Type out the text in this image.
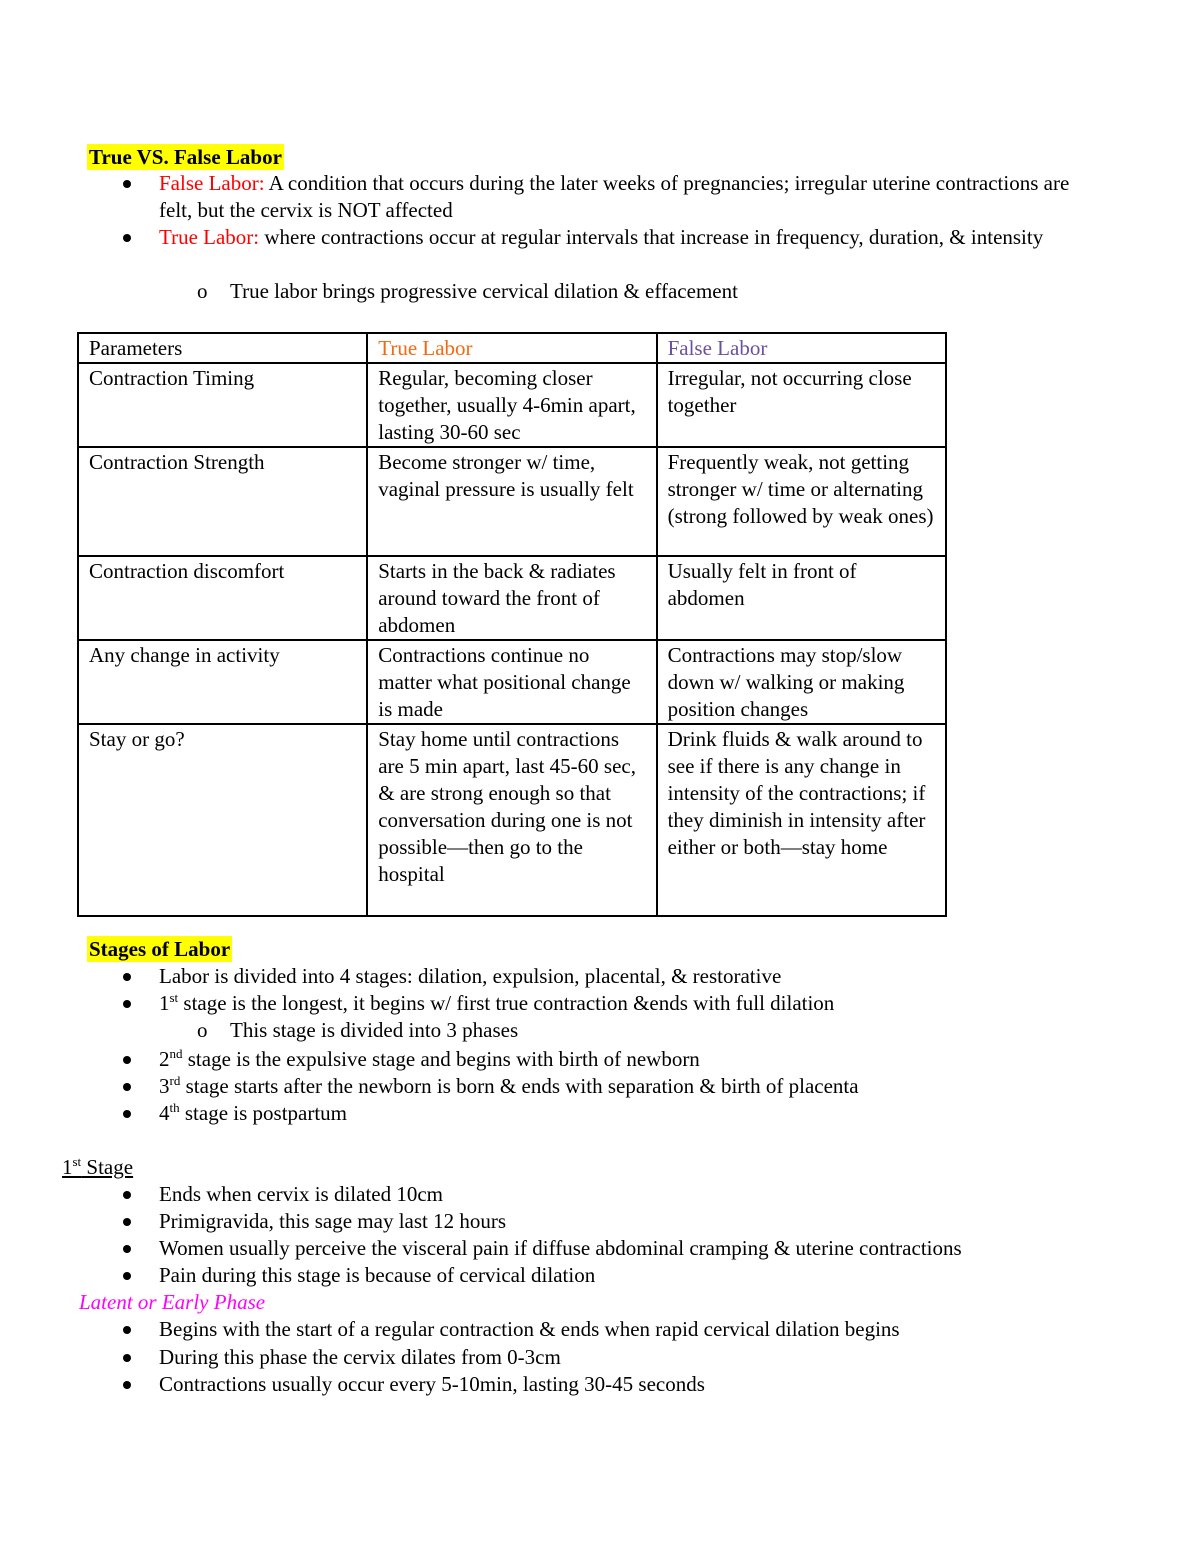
True VS. False Labor
False Labor: A condition that occurs during the later weeks of pregnancies; irregular uterine contractions are felt, but the cervix is NOT affected
True Labor: where contractions occur at regular intervals that increase in frequency, duration, & intensity
o True labor brings progressive cervical dilation & effacement
Parameters	True Labor	False Labor
Contraction Timing	Regular, becoming closer together, usually 4-6min apart, lasting 30-60 sec	Irregular, not occurring close together
Contraction Strength	Become stronger w/ time, vaginal pressure is usually felt	Frequently weak, not getting stronger w/ time or alternating (strong followed by weak ones)
Contraction discomfort	Starts in the back & radiates around toward the front of abdomen	Usually felt in front of abdomen
Any change in activity	Contractions continue no matter what positional change is made	Contractions may stop/slow down w/ walking or making position changes
Stay or go?	Stay home until contractions are 5 min apart, last 45-60 sec, & are strong enough so that conversation during one is not possible—then go to the hospital	Drink fluids & walk around to see if there is any change in intensity of the contractions; if they diminish in intensity after either or both—stay home
Stages of Labor
Labor is divided into 4 stages: dilation, expulsion, placental, & restorative
1st stage is the longest, it begins w/ first true contraction &ends with full dilation
o This stage is divided into 3 phases
2nd stage is the expulsive stage and begins with birth of newborn
3rd stage starts after the newborn is born & ends with separation & birth of placenta
4th stage is postpartum
1st Stage
Ends when cervix is dilated 10cm
Primigravida, this sage may last 12 hours
Women usually perceive the visceral pain if diffuse abdominal cramping & uterine contractions
Pain during this stage is because of cervical dilation
Latent or Early Phase
Begins with the start of a regular contraction & ends when rapid cervical dilation begins
During this phase the cervix dilates from 0-3cm
Contractions usually occur every 5-10min, lasting 30-45 seconds
